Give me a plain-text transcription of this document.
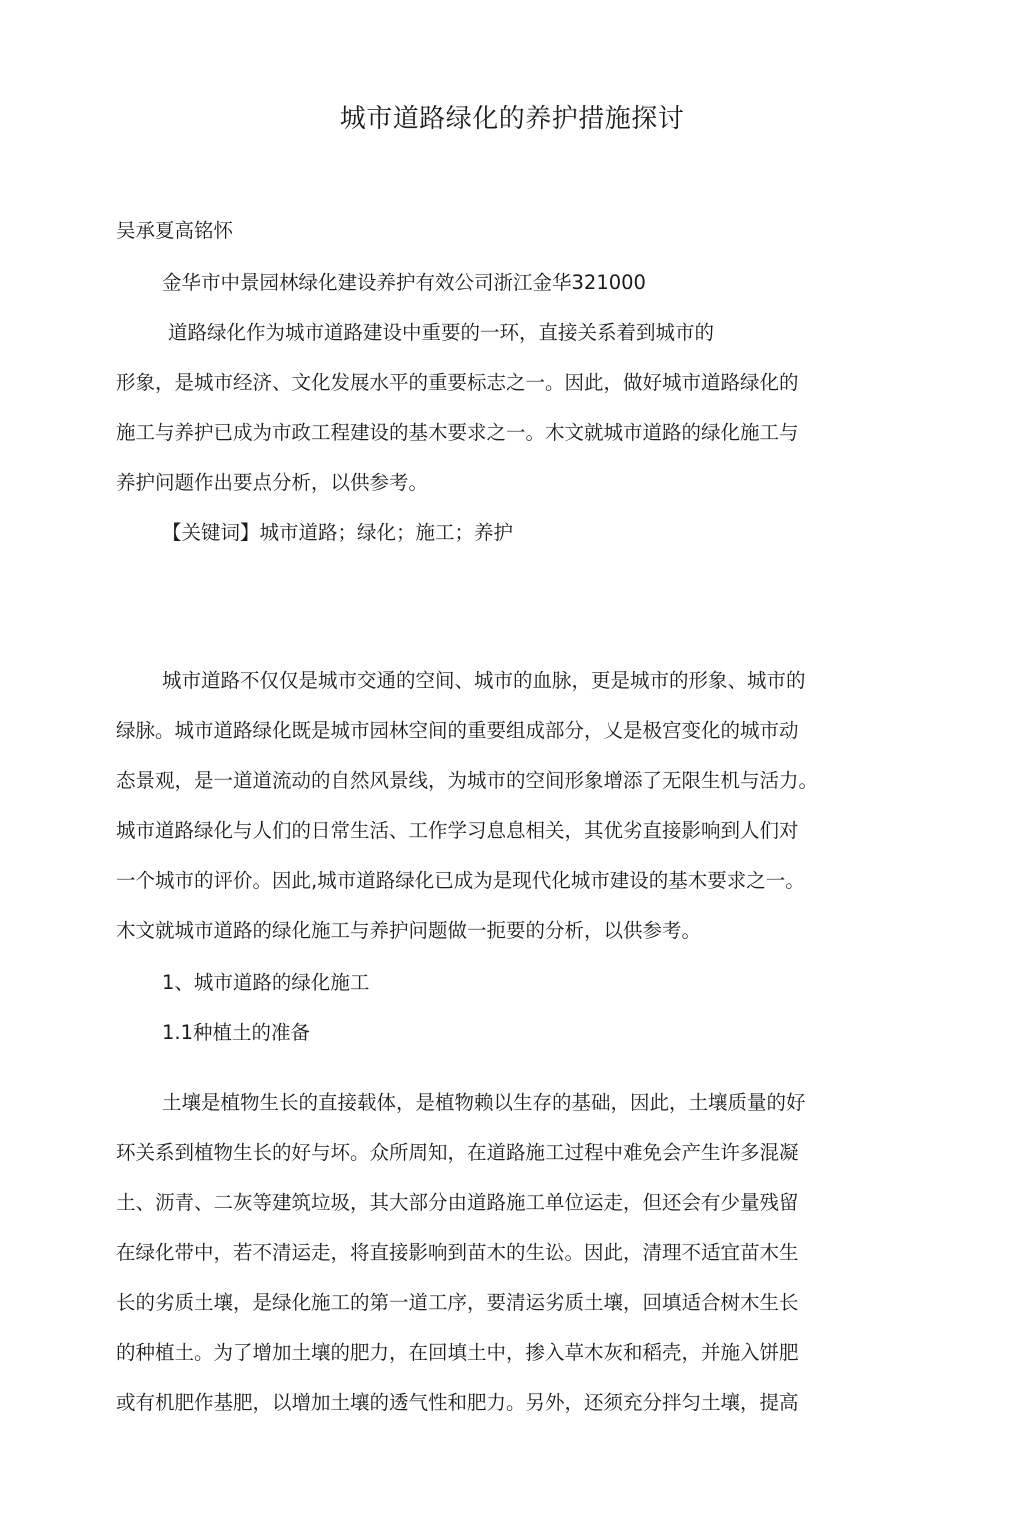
城市道路绿化的养护措施探讨
吴承夏高铭怀
金华市中景园林绿化建设养护有效公司浙江金华321000
道路绿化作为城市道路建设中重要的一环，直接关系着到城市的
形象，是城市经济、文化发展水平的重要标志之一。因此，做好城市道路绿化的
施工与养护已成为市政工程建设的基木要求之一。木文就城市道路的绿化施工与
养护问题作出要点分析，以供参考。
【关键词】城市道路；绿化；施工；养护
城市道路不仅仅是城市交通的空间、城市的血脉，更是城市的形象、城市的
绿脉。城市道路绿化既是城市园林空间的重要组成部分，乂是极宫变化的城市动
态景观，是一道道流动的自然风景线，为城市的空间形象增添了无限生机与活力。
城市道路绿化与人们的日常生活、工作学习息息相关，其优劣直接影响到人们对
一个城市的评价。因此,城市道路绿化已成为是现代化城市建设的基木要求之一。
木文就城市道路的绿化施工与养护问题做一扼要的分析，以供参考。
1、城市道路的绿化施工
1.1种植土的准备
土壤是植物生长的直接载体，是植物赖以生存的基础，因此，土壤质量的好
环关系到植物生长的好与坏。众所周知，在道路施工过程中难免会产生许多混凝
土、沥青、二灰等建筑垃圾，其大部分由道路施工单位运走，但还会有少量残留
在绿化带中，若不清运走，将直接影响到苗木的生讼。因此，清理不适宜苗木生
长的劣质土壤，是绿化施工的第一道工序，要清运劣质土壤，回填适合树木生长
的种植土。为了增加土壤的肥力，在回填土中，掺入草木灰和稻壳，并施入饼肥
或有机肥作基肥，以增加土壤的透气性和肥力。另外，还须充分拌匀土壤，提高
